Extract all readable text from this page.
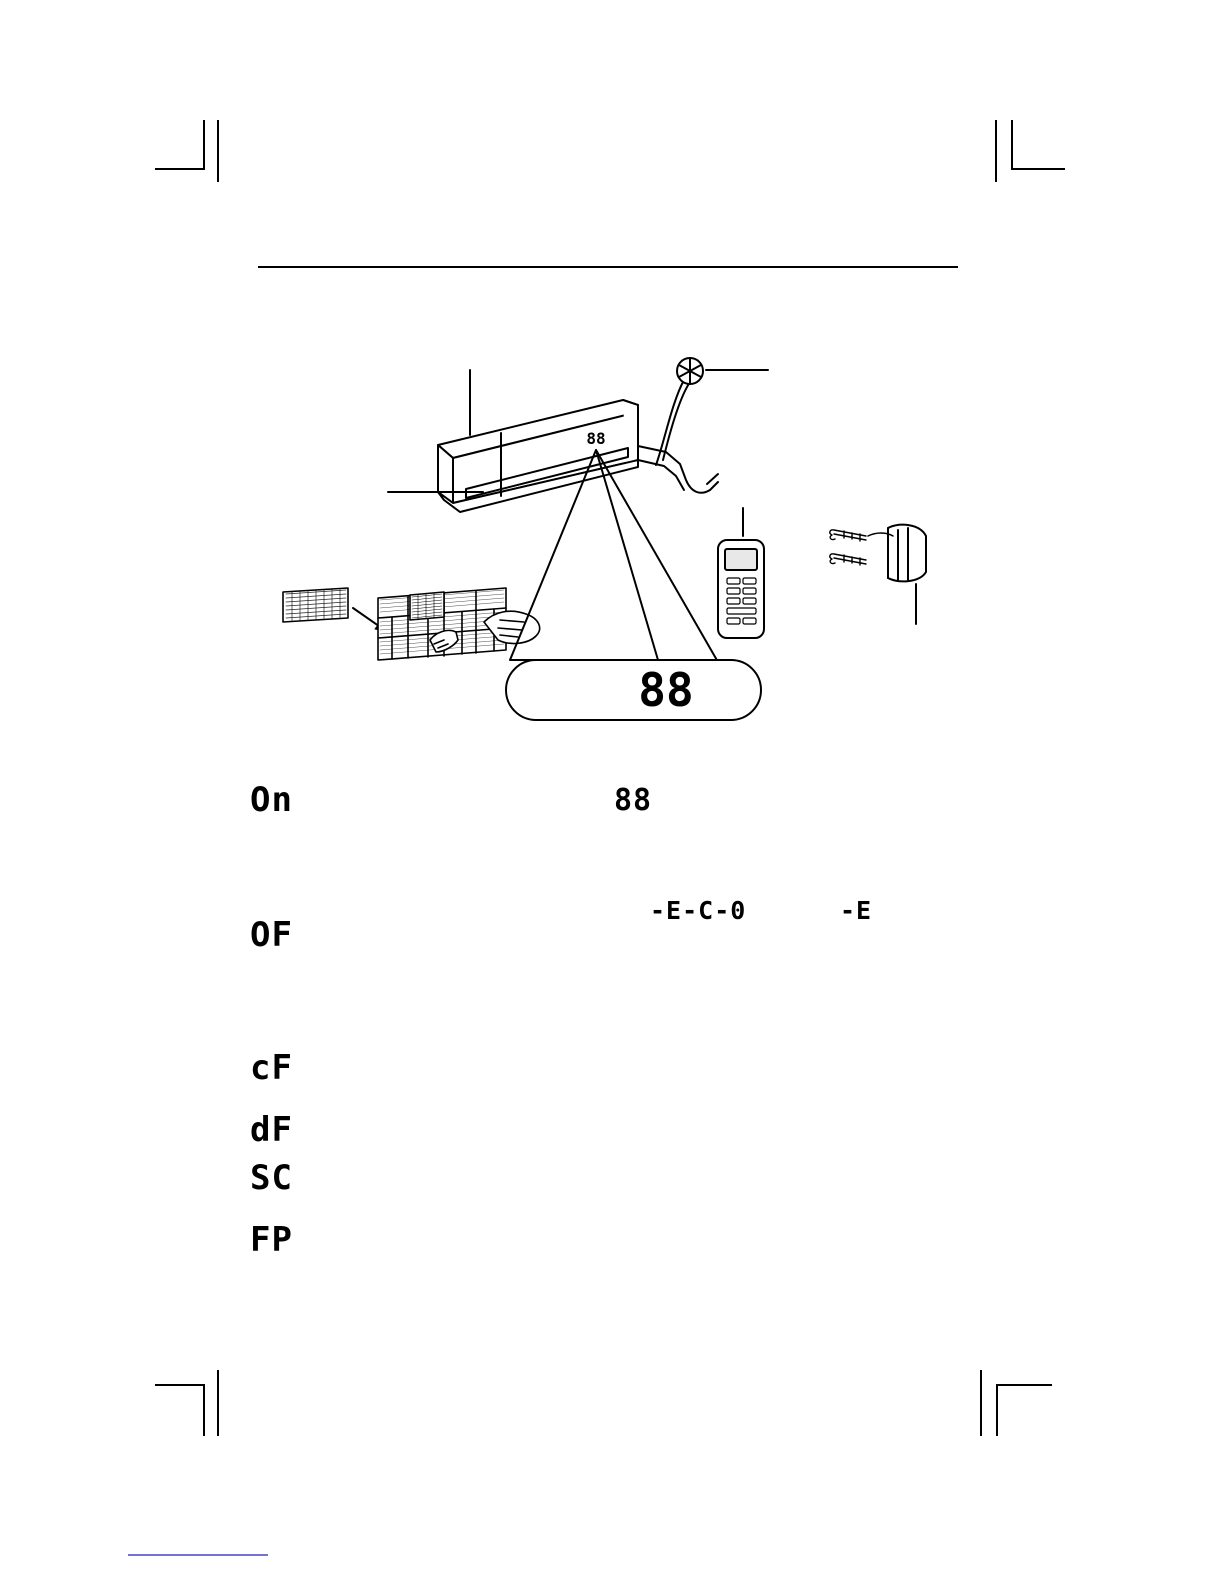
88
88
On	88
-E-C-0	-E
OF
cF
dF
SC
FP
